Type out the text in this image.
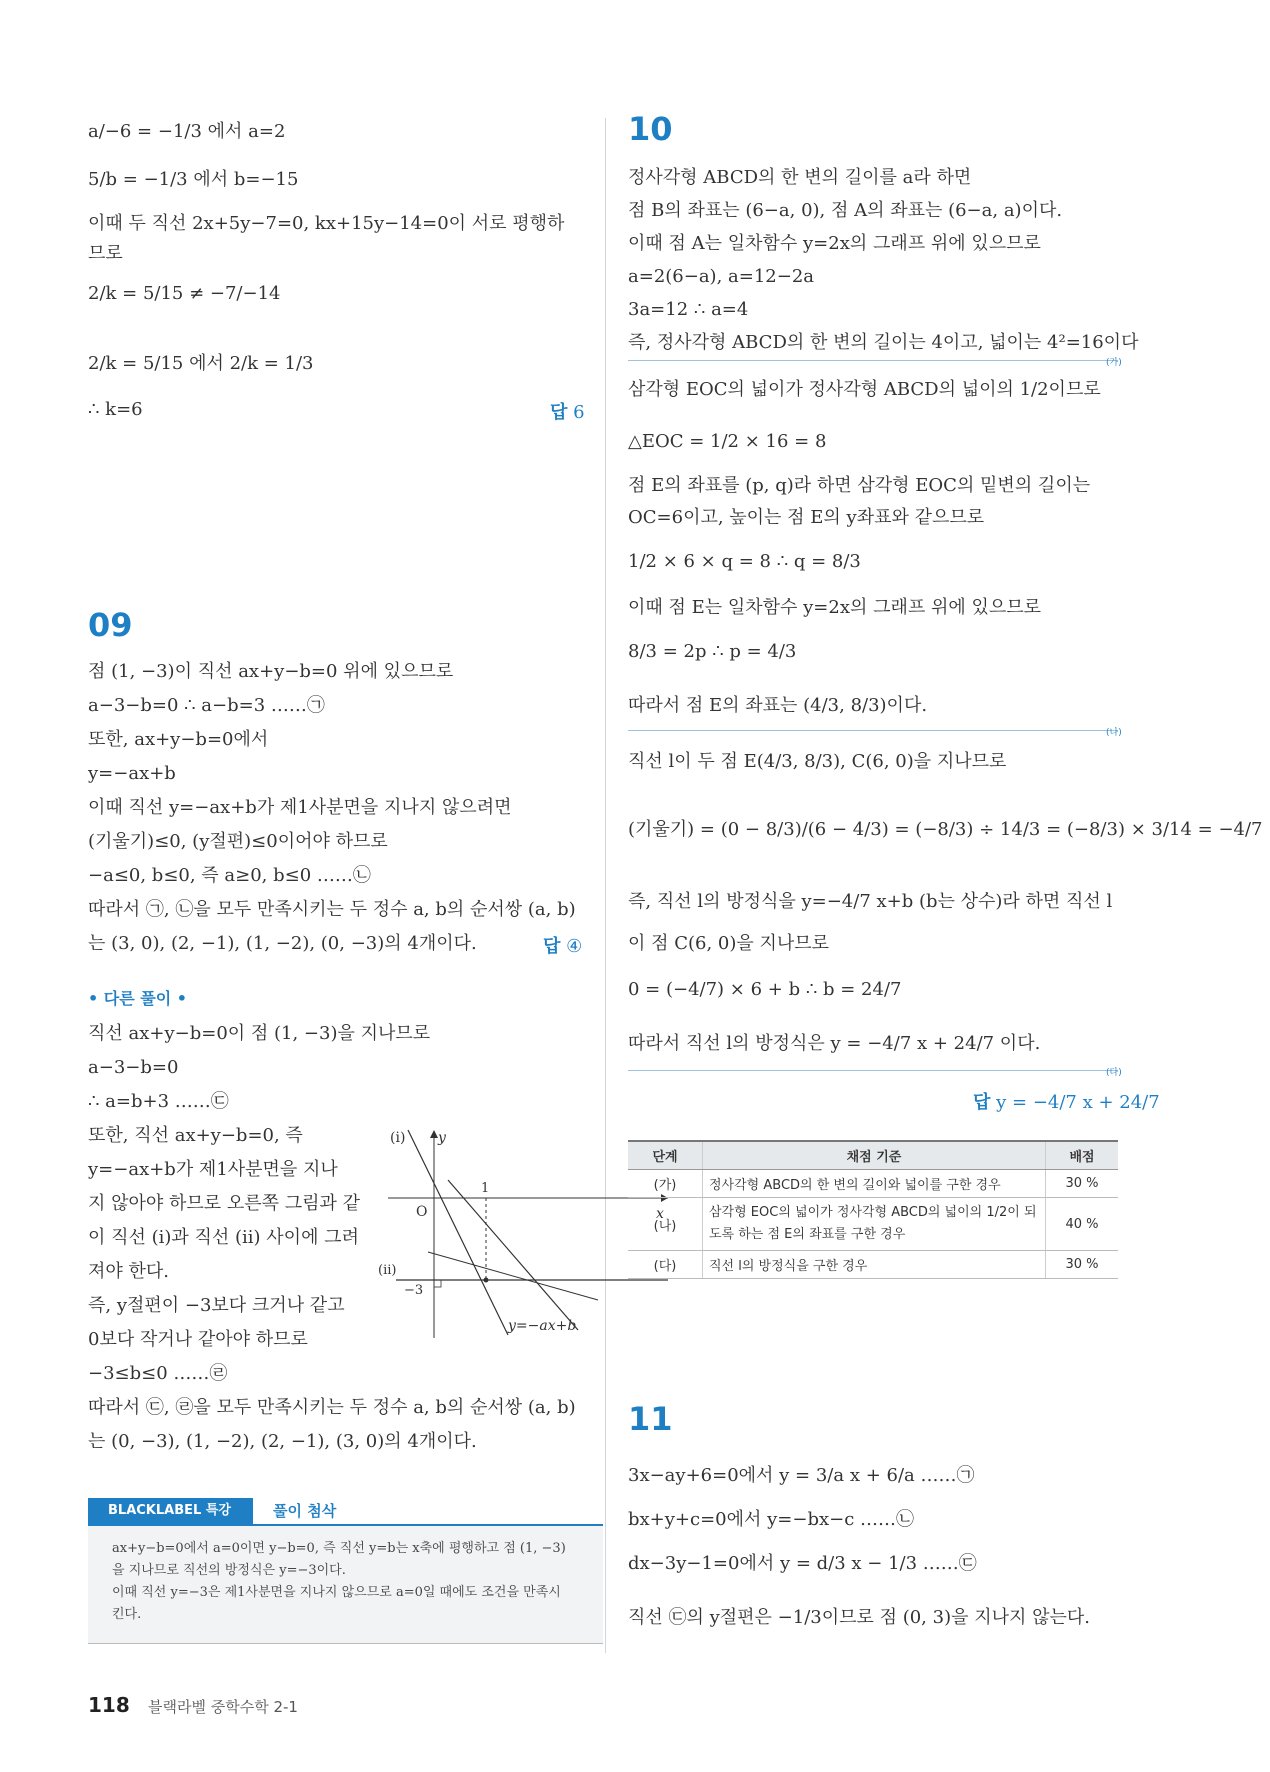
a/−6 = −1/3 에서 a=2
5/b = −1/3 에서 b=−15
이때 두 직선 2x+5y−7=0, kx+15y−14=0이 서로 평행하
므로
2/k = 5/15 ≠ −7/−14
2/k = 5/15 에서 2/k = 1/3
∴ k=6	답 6
09
점 (1, −3)이 직선 ax+y−b=0 위에 있으므로
a−3−b=0 ∴ a−b=3 ……㉠
또한, ax+y−b=0에서
y=−ax+b
이때 직선 y=−ax+b가 제1사분면을 지나지 않으려면
(기울기)≤0, (y절편)≤0이어야 하므로
−a≤0, b≤0, 즉 a≥0, b≤0 ……㉡
따라서 ㉠, ㉡을 모두 만족시키는 두 정수 a, b의 순서쌍 (a, b)
는 (3, 0), (2, −1), (1, −2), (0, −3)의 4개이다.	답 ④
• 다른 풀이 •
직선 ax+y−b=0이 점 (1, −3)을 지나므로
a−3−b=0
∴ a=b+3 ……㉢
또한, 직선 ax+y−b=0, 즉
y=−ax+b가 제1사분면을 지나
지 않아야 하므로 오른쪽 그림과 같
이 직선 (ⅰ)과 직선 (ⅱ) 사이에 그려
져야 한다.
즉, y절편이 −3보다 크거나 같고
0보다 작거나 같아야 하므로
−3≤b≤0 ……㉣
따라서 ㉢, ㉣을 모두 만족시키는 두 정수 a, b의 순서쌍 (a, b)
는 (0, −3), (1, −2), (2, −1), (3, 0)의 4개이다.
(ⅰ) y
x
O
1
−3
(ⅱ)
y=−ax+b
BLACKLABEL 특강	풀이 첨삭
ax+y−b=0에서 a=0이면 y−b=0, 즉 직선 y=b는 x축에 평행하고 점 (1, −3)
을 지나므로 직선의 방정식은 y=−3이다.
이때 직선 y=−3은 제1사분면을 지나지 않으므로 a=0일 때에도 조건을 만족시
킨다.
10
정사각형 ABCD의 한 변의 길이를 a라 하면
점 B의 좌표는 (6−a, 0), 점 A의 좌표는 (6−a, a)이다.
이때 점 A는 일차함수 y=2x의 그래프 위에 있으므로
a=2(6−a), a=12−2a
3a=12 ∴ a=4
즉, 정사각형 ABCD의 한 변의 길이는 4이고, 넓이는 4²=16이다
(가)
삼각형 EOC의 넓이가 정사각형 ABCD의 넓이의 1/2이므로
△EOC = 1/2 × 16 = 8
점 E의 좌표를 (p, q)라 하면 삼각형 EOC의 밑변의 길이는
OC=6이고, 높이는 점 E의 y좌표와 같으므로
1/2 × 6 × q = 8 ∴ q = 8/3
이때 점 E는 일차함수 y=2x의 그래프 위에 있으므로
8/3 = 2p ∴ p = 4/3
따라서 점 E의 좌표는 (4/3, 8/3)이다.
(나)
직선 l이 두 점 E(4/3, 8/3), C(6, 0)을 지나므로
(기울기) = (0 − 8/3)/(6 − 4/3) = (−8/3) ÷ 14/3 = (−8/3) × 3/14 = −4/7
즉, 직선 l의 방정식을 y=−4/7 x+b (b는 상수)라 하면 직선 l
이 점 C(6, 0)을 지나므로
0 = (−4/7) × 6 + b ∴ b = 24/7
따라서 직선 l의 방정식은 y = −4/7 x + 24/7 이다.
(다)
답 y = −4/7 x + 24/7
단계	채점 기준	배점
(가)	정사각형 ABCD의 한 변의 길이와 넓이를 구한 경우	30 %
(나)	삼각형 EOC의 넓이가 정사각형 ABCD의 넓이의 1/2이 되도록 하는 점 E의 좌표를 구한 경우	40 %
(다)	직선 l의 방정식을 구한 경우	30 %
11
3x−ay+6=0에서 y = 3/a x + 6/a ……㉠
bx+y+c=0에서 y=−bx−c ……㉡
dx−3y−1=0에서 y = d/3 x − 1/3 ……㉢
직선 ㉢의 y절편은 −1/3이므로 점 (0, 3)을 지나지 않는다.
118 블랙라벨 중학수학 2-1
